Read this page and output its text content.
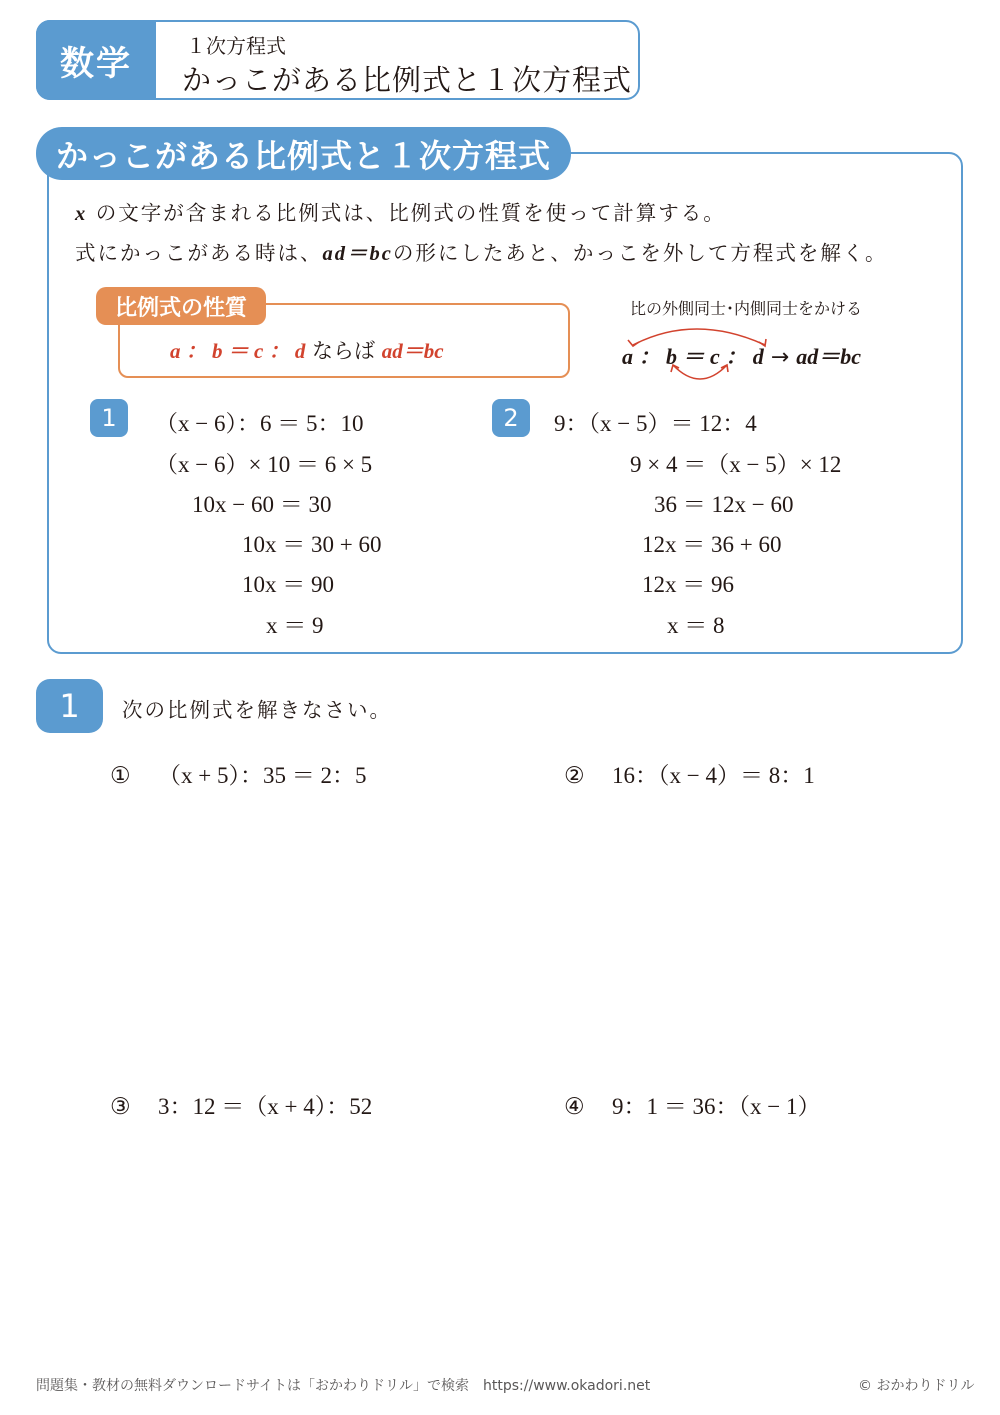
数学	１次方程式
かっこがある比例式と１次方程式
かっこがある比例式と１次方程式
x の文字が含まれる比例式は、比例式の性質を使って計算する。
式にかっこがある時は、ad＝bcの形にしたあと、かっこを外して方程式を解く。
比例式の性質
a ： b ＝ c ： d ならば ad＝bc
比の外側同士･内側同士をかける
a ： b ＝ c ： d → ad＝bc
1	（x − 6）：6 ＝ 5：10
（x − 6）× 10 ＝ 6 × 5
10x − 60 ＝ 30
10x ＝ 30 + 60
10x ＝ 90
x ＝ 9
2	9：（x − 5）＝ 12：4
9 × 4 ＝（x − 5）× 12
36 ＝ 12x − 60
12x ＝ 36 + 60
12x ＝ 96
x ＝ 8
1	次の比例式を解きなさい。
① （x + 5）：35 ＝ 2：5	② 16：（x − 4）＝ 8：1
③ 3：12 ＝（x + 4）：52	④ 9：1 ＝ 36：（x − 1）
問題集・教材の無料ダウンロードサイトは「おかわりドリル」で検索　https://www.okadori.net	© おかわりドリル
